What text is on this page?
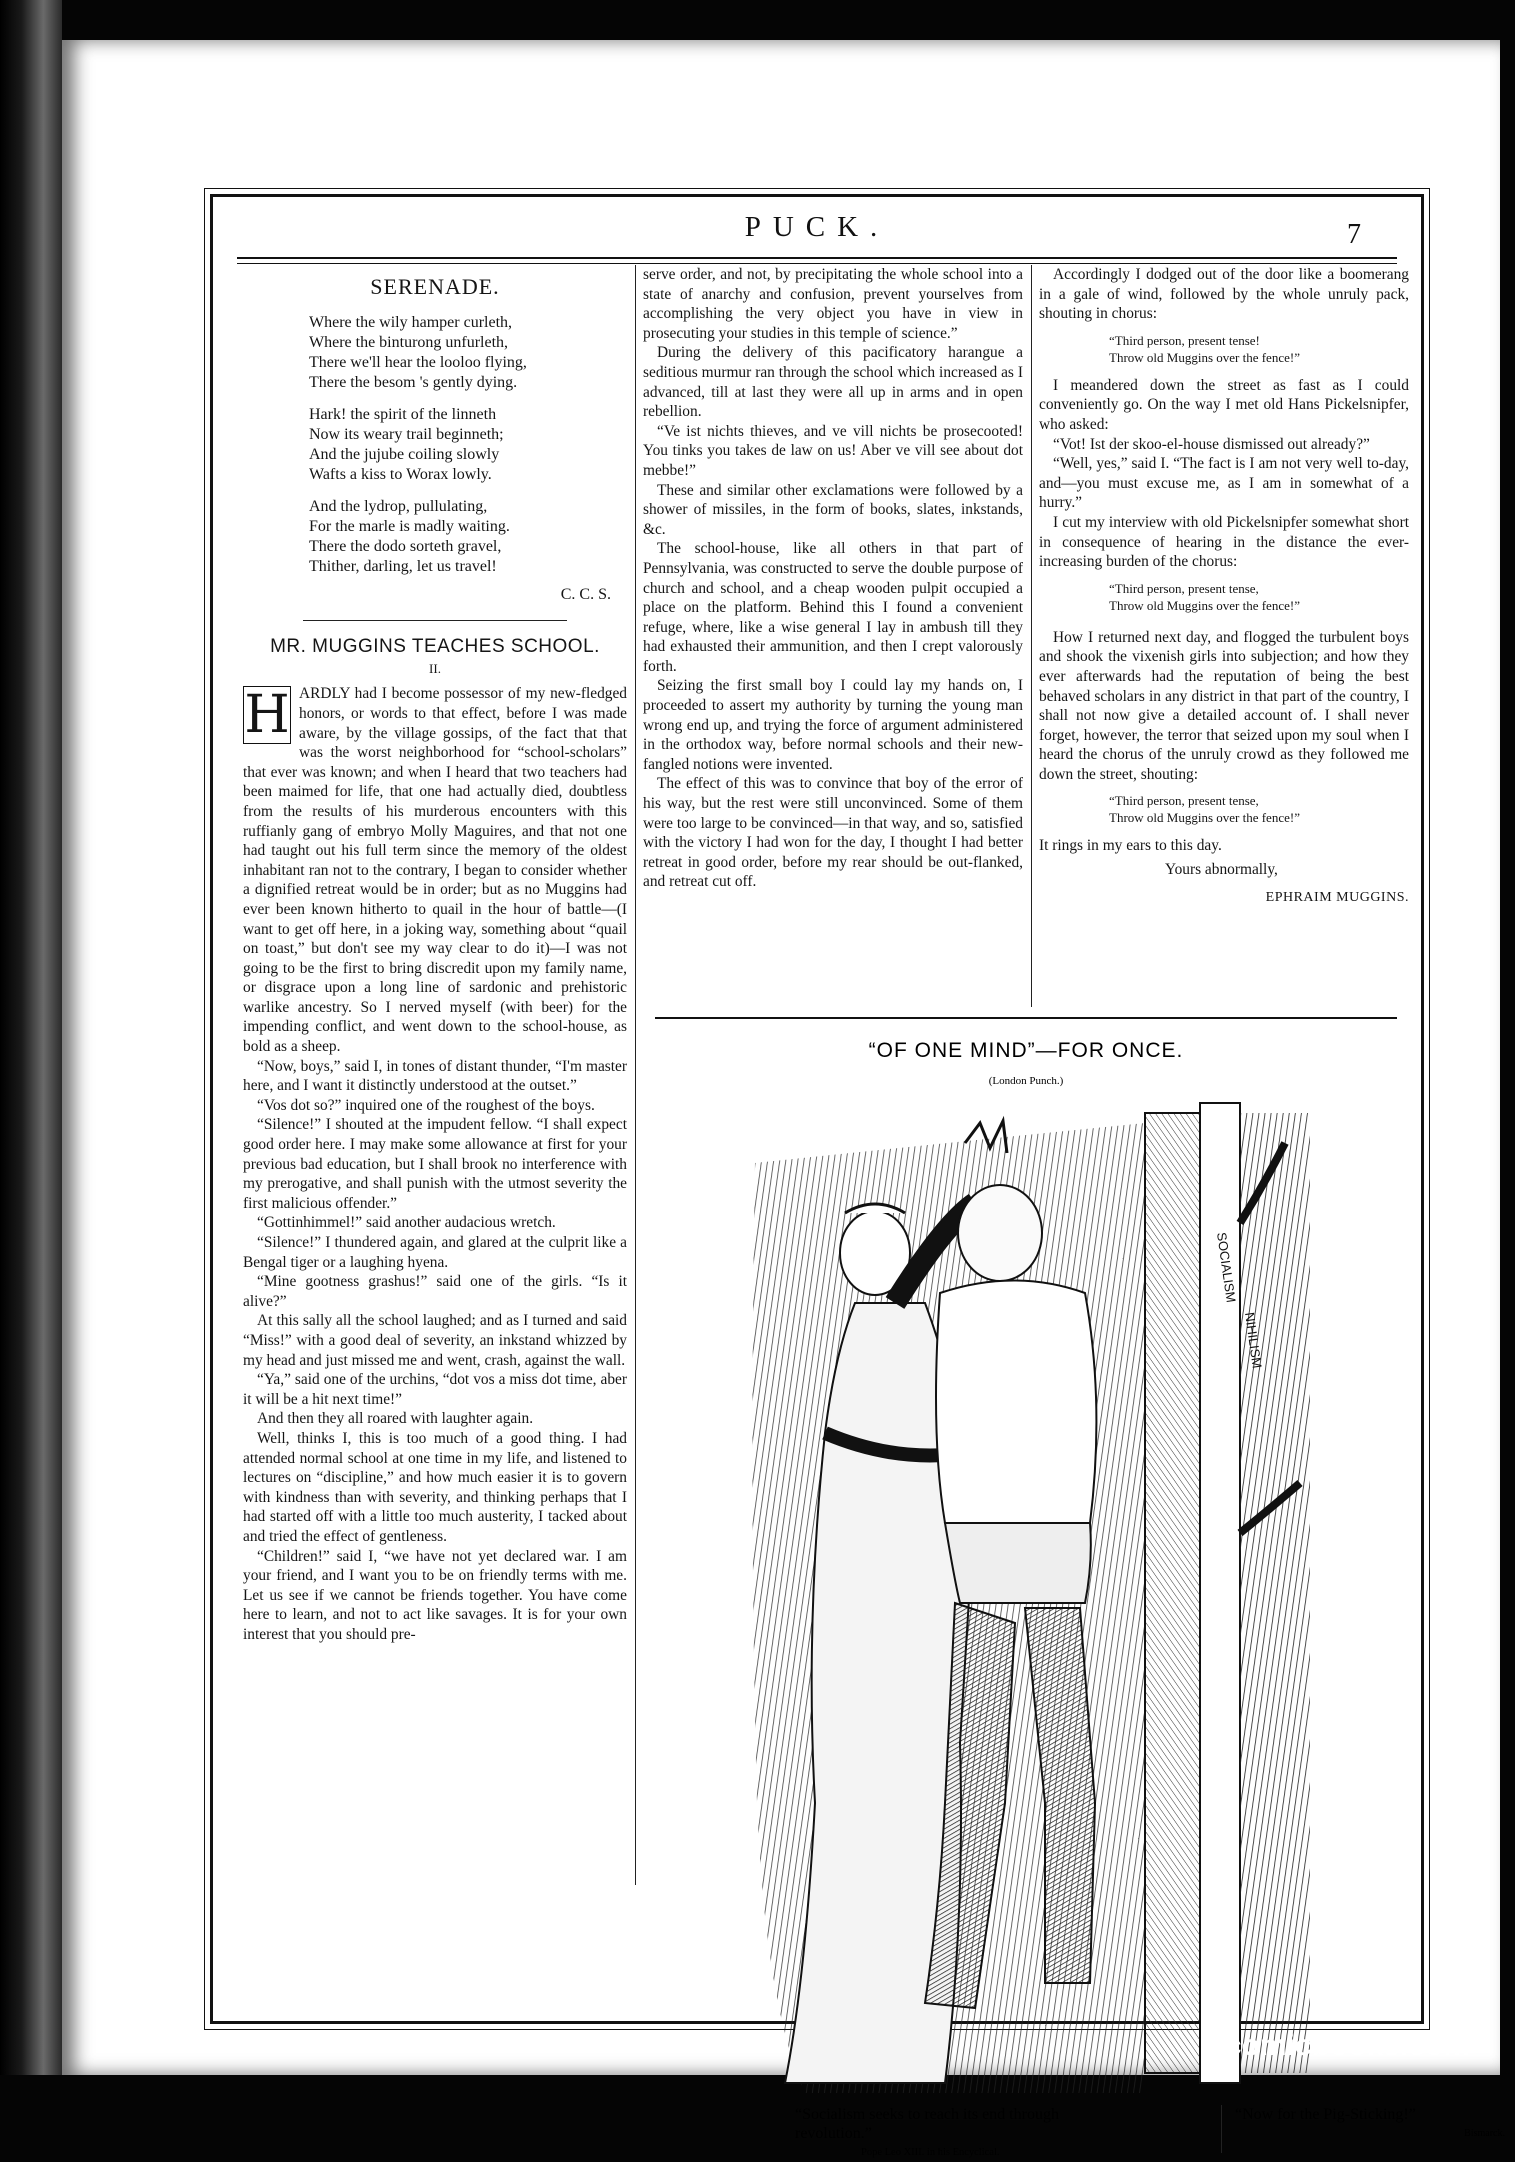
PUCK.	7
SERENADE.
Where the wily hamper curleth,
Where the binturong unfurleth,
There we'll hear the looloo flying,
There the besom 's gently dying.
Hark! the spirit of the linneth
Now its weary trail beginneth;
And the jujube coiling slowly
Wafts a kiss to Worax lowly.
And the lydrop, pullulating,
For the marle is madly waiting.
There the dodo sorteth gravel,
Thither, darling, let us travel!
C. C. S.
MR. MUGGINS TEACHES SCHOOL.
II.
H ARDLY had I become possessor of my new-fledged honors, or words to that effect, before I was made aware, by the village gossips, of the fact that that was the worst neighborhood for “school-scholars” that ever was known; and when I heard that two teachers had been maimed for life, that one had actually died, doubtless from the results of his murderous encounters with this ruffianly gang of embryo Molly Maguires, and that not one had taught out his full term since the memory of the oldest inhabitant ran not to the contrary, I began to consider whether a dignified retreat would be in order; but as no Muggins had ever been known hitherto to quail in the hour of battle—(I want to get off here, in a joking way, something about “quail on toast,” but don't see my way clear to do it)—I was not going to be the first to bring discredit upon my family name, or disgrace upon a long line of sardonic and prehistoric warlike ancestry. So I nerved myself (with beer) for the impending conflict, and went down to the school-house, as bold as a sheep.

“Now, boys,” said I, in tones of distant thunder, “I'm master here, and I want it distinctly understood at the outset.”

“Vos dot so?” inquired one of the roughest of the boys.

“Silence!” I shouted at the impudent fellow. “I shall expect good order here. I may make some allowance at first for your previous bad education, but I shall brook no interference with my prerogative, and shall punish with the utmost severity the first malicious offender.”

“Gottinhimmel!” said another audacious wretch.

“Silence!” I thundered again, and glared at the culprit like a Bengal tiger or a laughing hyena.

“Mine gootness grashus!” said one of the girls. “Is it alive?”

At this sally all the school laughed; and as I turned and said “Miss!” with a good deal of severity, an inkstand whizzed by my head and just missed me and went, crash, against the wall.

“Ya,” said one of the urchins, “dot vos a miss dot time, aber it will be a hit next time!”

And then they all roared with laughter again.

Well, thinks I, this is too much of a good thing. I had attended normal school at one time in my life, and listened to lectures on “discipline,” and how much easier it is to govern with kindness than with severity, and thinking perhaps that I had started off with a little too much austerity, I tacked about and tried the effect of gentleness.

“Children!” said I, “we have not yet declared war. I am your friend, and I want you to be on friendly terms with me. Let us see if we cannot be friends together. You have come here to learn, and not to act like savages. It is for your own interest that you should pre-

serve order, and not, by precipitating the whole school into a state of anarchy and confusion, prevent yourselves from accomplishing the very object you have in view in prosecuting your studies in this temple of science.”

During the delivery of this pacificatory harangue a seditious murmur ran through the school which increased as I advanced, till at last they were all up in arms and in open rebellion.

“Ve ist nichts thieves, and ve vill nichts be prosecooted! You tinks you takes de law on us! Aber ve vill see about dot mebbe!”

These and similar other exclamations were followed by a shower of missiles, in the form of books, slates, inkstands, &c.

The school-house, like all others in that part of Pennsylvania, was constructed to serve the double purpose of church and school, and a cheap wooden pulpit occupied a place on the platform. Behind this I found a convenient refuge, where, like a wise general I lay in ambush till they had exhausted their ammunition, and then I crept valorously forth.

Seizing the first small boy I could lay my hands on, I proceeded to assert my authority by turning the young man wrong end up, and trying the force of argument administered in the orthodox way, before normal schools and their new-fangled notions were invented.

The effect of this was to convince that boy of the error of his way, but the rest were still unconvinced. Some of them were too large to be convinced—in that way, and so, satisfied with the victory I had won for the day, I thought I had better retreat in good order, before my rear should be out-flanked, and retreat cut off.

Accordingly I dodged out of the door like a boomerang in a gale of wind, followed by the whole unruly pack, shouting in chorus:

“Third person, present tense!
Throw old Muggins over the fence!”

I meandered down the street as fast as I could conveniently go. On the way I met old Hans Pickelsnipfer, who asked:

“Vot! Ist der skoo-el-house dismissed out already?”

“Well, yes,” said I. “The fact is I am not very well to-day, and—you must excuse me, as I am in somewhat of a hurry.”

I cut my interview with old Pickelsnipfer somewhat short in consequence of hearing in the distance the ever-increasing burden of the chorus:

“Third person, present tense,
Throw old Muggins over the fence!”

How I returned next day, and flogged the turbulent boys and shook the vixenish girls into subjection; and how they ever afterwards had the reputation of being the best behaved scholars in any district in that part of the country, I shall not now give a detailed account of. I shall never forget, however, the terror that seized upon my soul when I heard the chorus of the unruly crowd as they followed me down the street, shouting:

“Third person, present tense,
Throw old Muggins over the fence!”

It rings in my ears to this day.

Yours abnormally,
EPHRAIM MUGGINS.
“OF ONE MIND”—FOR ONCE.
(London Punch.)
SOCIALISM
NIHILISM
“Socialism seeks to reach its end through revolution.”
Pope Leo XIII. in his Encyclical.
“Now for the Pig-Sticking!”
Bismarck.
comicbooks.com
